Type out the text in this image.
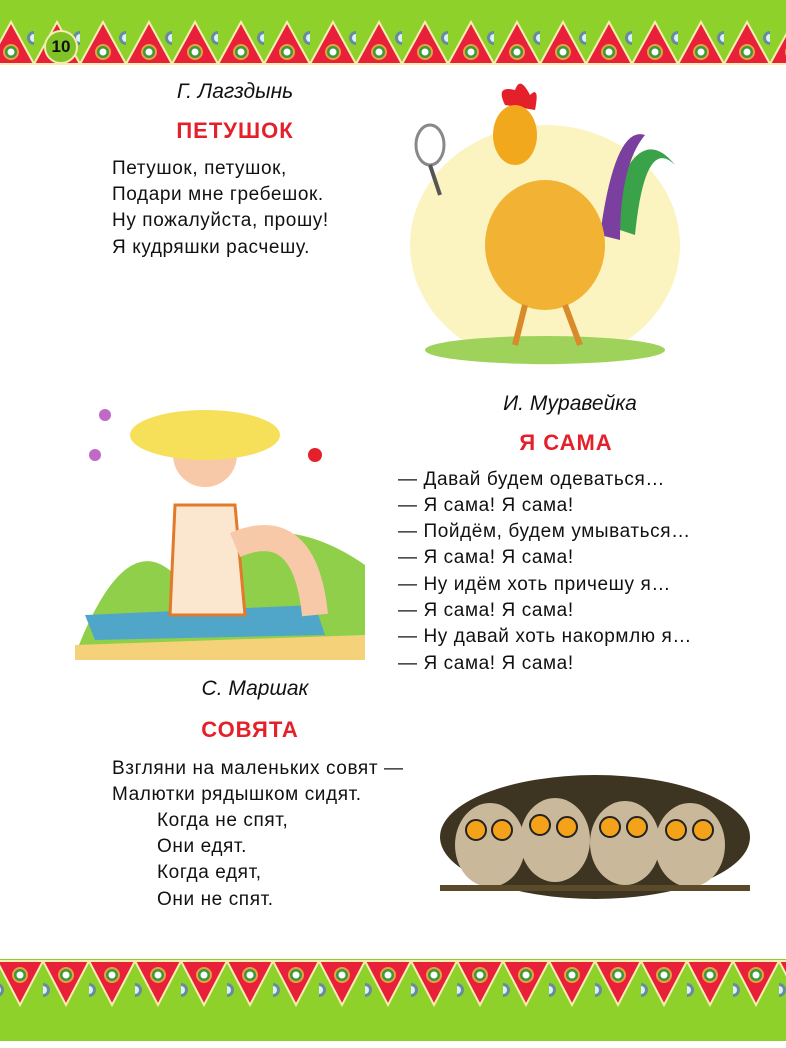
10
Г. Лагздынь
ПЕТУШОК
Петушок, петушок,
Подари мне гребешок.
Ну пожалуйста, прошу!
Я кудряшки расчешу.
И. Муравейка
Я САМА
— Давай будем одеваться…
— Я сама! Я сама!
— Пойдём, будем умываться…
— Я сама! Я сама!
— Ну идём хоть причешу я…
— Я сама! Я сама!
— Ну давай хоть накормлю я…
— Я сама! Я сама!
С. Маршак
СОВЯТА
Взгляни на маленьких совят —
Малютки рядышком сидят.
Когда не спят,
Они едят.
Когда едят,
Они не спят.
